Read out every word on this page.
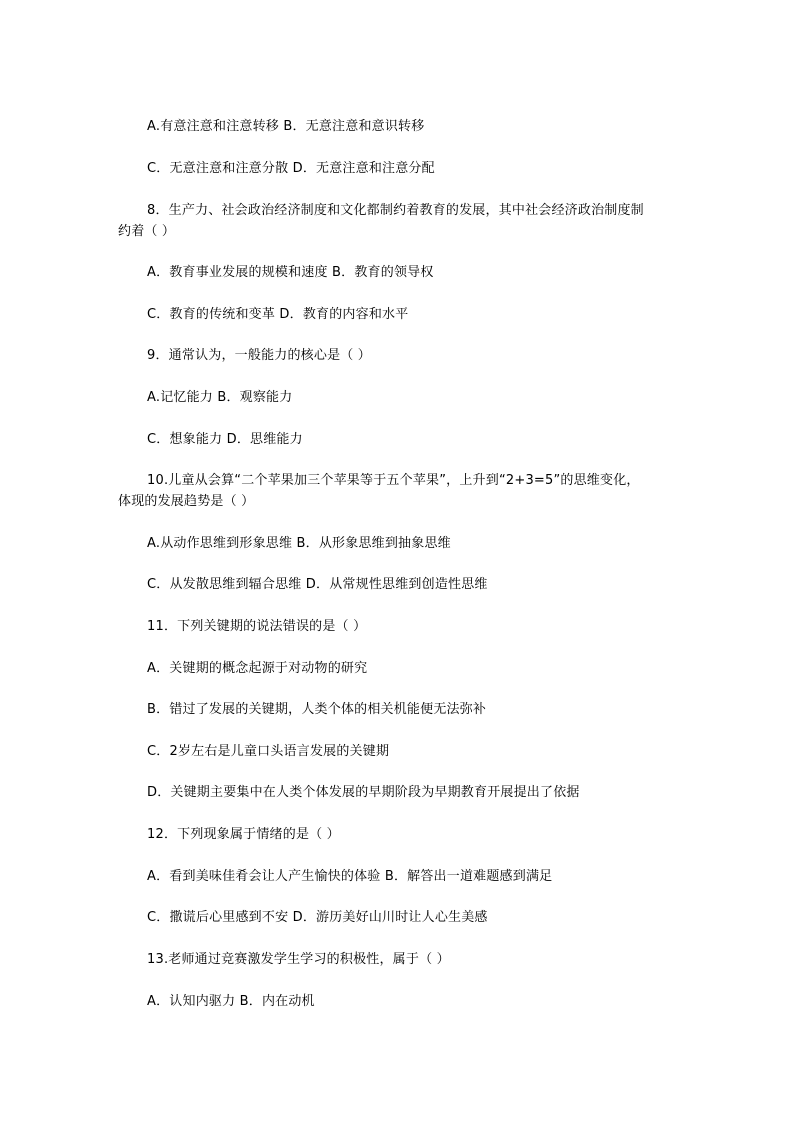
A.有意注意和注意转移 B．无意注意和意识转移
C．无意注意和注意分散 D．无意注意和注意分配
8．生产力、社会政治经济制度和文化都制约着教育的发展，其中社会经济政治制度制
约着（ ）
A．教育事业发展的规模和速度 B．教育的领导权
C．教育的传统和变革 D．教育的内容和水平
9．通常认为，一般能力的核心是（ ）
A.记忆能力 B．观察能力
C．想象能力 D．思维能力
10.儿童从会算“二个苹果加三个苹果等于五个苹果”，上升到“2+3=5”的思维变化，
体现的发展趋势是（ ）
A.从动作思维到形象思维 B．从形象思维到抽象思维
C．从发散思维到辐合思维 D．从常规性思维到创造性思维
11．下列关键期的说法错误的是（ ）
A．关键期的概念起源于对动物的研究
B．错过了发展的关键期，人类个体的相关机能便无法弥补
C．2岁左右是儿童口头语言发展的关键期
D．关键期主要集中在人类个体发展的早期阶段为早期教育开展提出了依据
12．下列现象属于情绪的是（ ）
A．看到美味佳肴会让人产生愉快的体验 B．解答出一道难题感到满足
C．撒谎后心里感到不安 D．游历美好山川时让人心生美感
13.老师通过竞赛激发学生学习的积极性，属于（ ）
A．认知内驱力 B．内在动机
